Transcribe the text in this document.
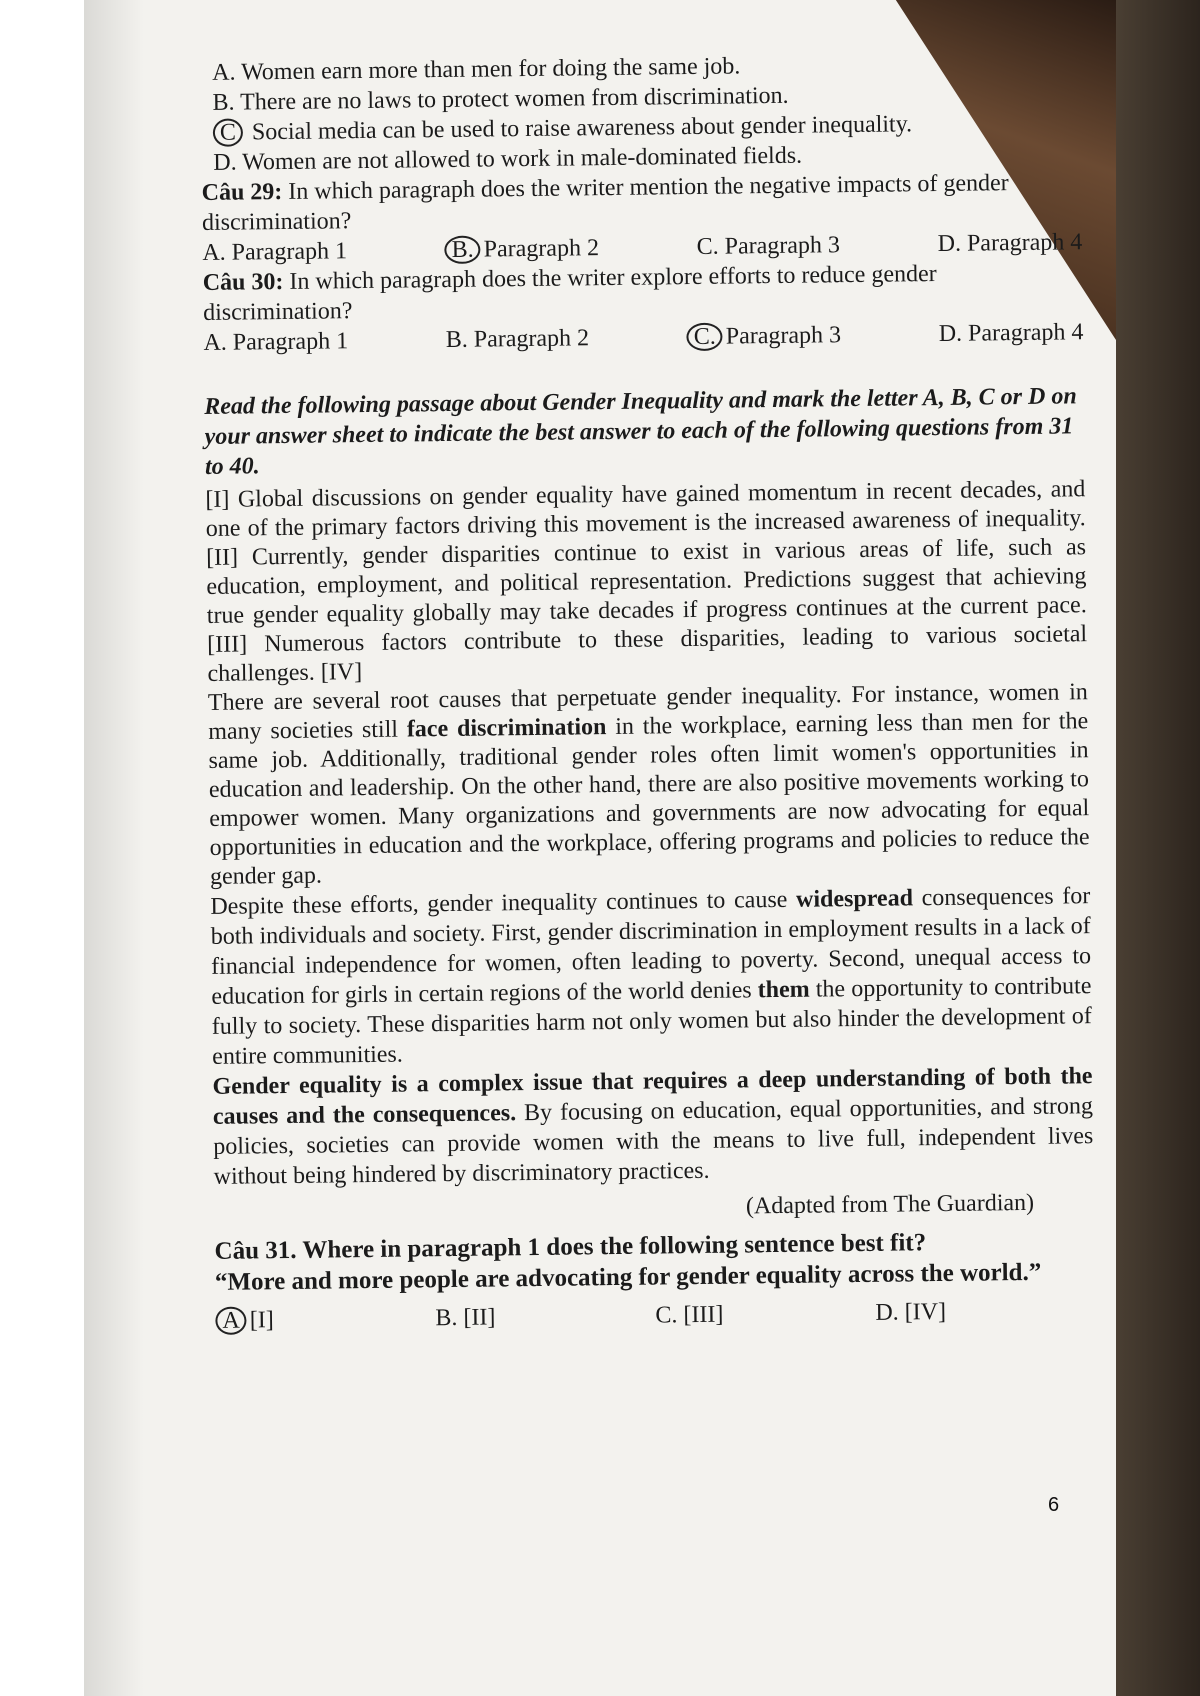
A. Women earn more than men for doing the same job.

B. There are no laws to protect women from discrimination.

C Social media can be used to raise awareness about gender inequality.

D. Women are not allowed to work in male-dominated fields.

Câu 29: In which paragraph does the writer mention the negative impacts of gender discrimination?

A. Paragraph 1	B. Paragraph 2	C. Paragraph 3	D. Paragraph 4

Câu 30: In which paragraph does the writer explore efforts to reduce gender discrimination?

A. Paragraph 1	B. Paragraph 2	C. Paragraph 3	D. Paragraph 4

Read the following passage about Gender Inequality and mark the letter A, B, C or D on your answer sheet to indicate the best answer to each of the following questions from 31 to 40.

[I] Global discussions on gender equality have gained momentum in recent decades, and one of the primary factors driving this movement is the increased awareness of inequality. [II] Currently, gender disparities continue to exist in various areas of life, such as education, employment, and political representation. Predictions suggest that achieving true gender equality globally may take decades if progress continues at the current pace. [III] Numerous factors contribute to these disparities, leading to various societal challenges. [IV]

There are several root causes that perpetuate gender inequality. For instance, women in many societies still face discrimination in the workplace, earning less than men for the same job. Additionally, traditional gender roles often limit women's opportunities in education and leadership. On the other hand, there are also positive movements working to empower women. Many organizations and governments are now advocating for equal opportunities in education and the workplace, offering programs and policies to reduce the gender gap.

Despite these efforts, gender inequality continues to cause widespread consequences for both individuals and society. First, gender discrimination in employment results in a lack of financial independence for women, often leading to poverty. Second, unequal access to education for girls in certain regions of the world denies them the opportunity to contribute fully to society. These disparities harm not only women but also hinder the development of entire communities.

Gender equality is a complex issue that requires a deep understanding of both the causes and the consequences. By focusing on education, equal opportunities, and strong policies, societies can provide women with the means to live full, independent lives without being hindered by discriminatory practices.

(Adapted from The Guardian)

Câu 31. Where in paragraph 1 does the following sentence best fit?

“More and more people are advocating for gender equality across the world.”

A [I]	B. [II]	C. [III]	D. [IV]
6
